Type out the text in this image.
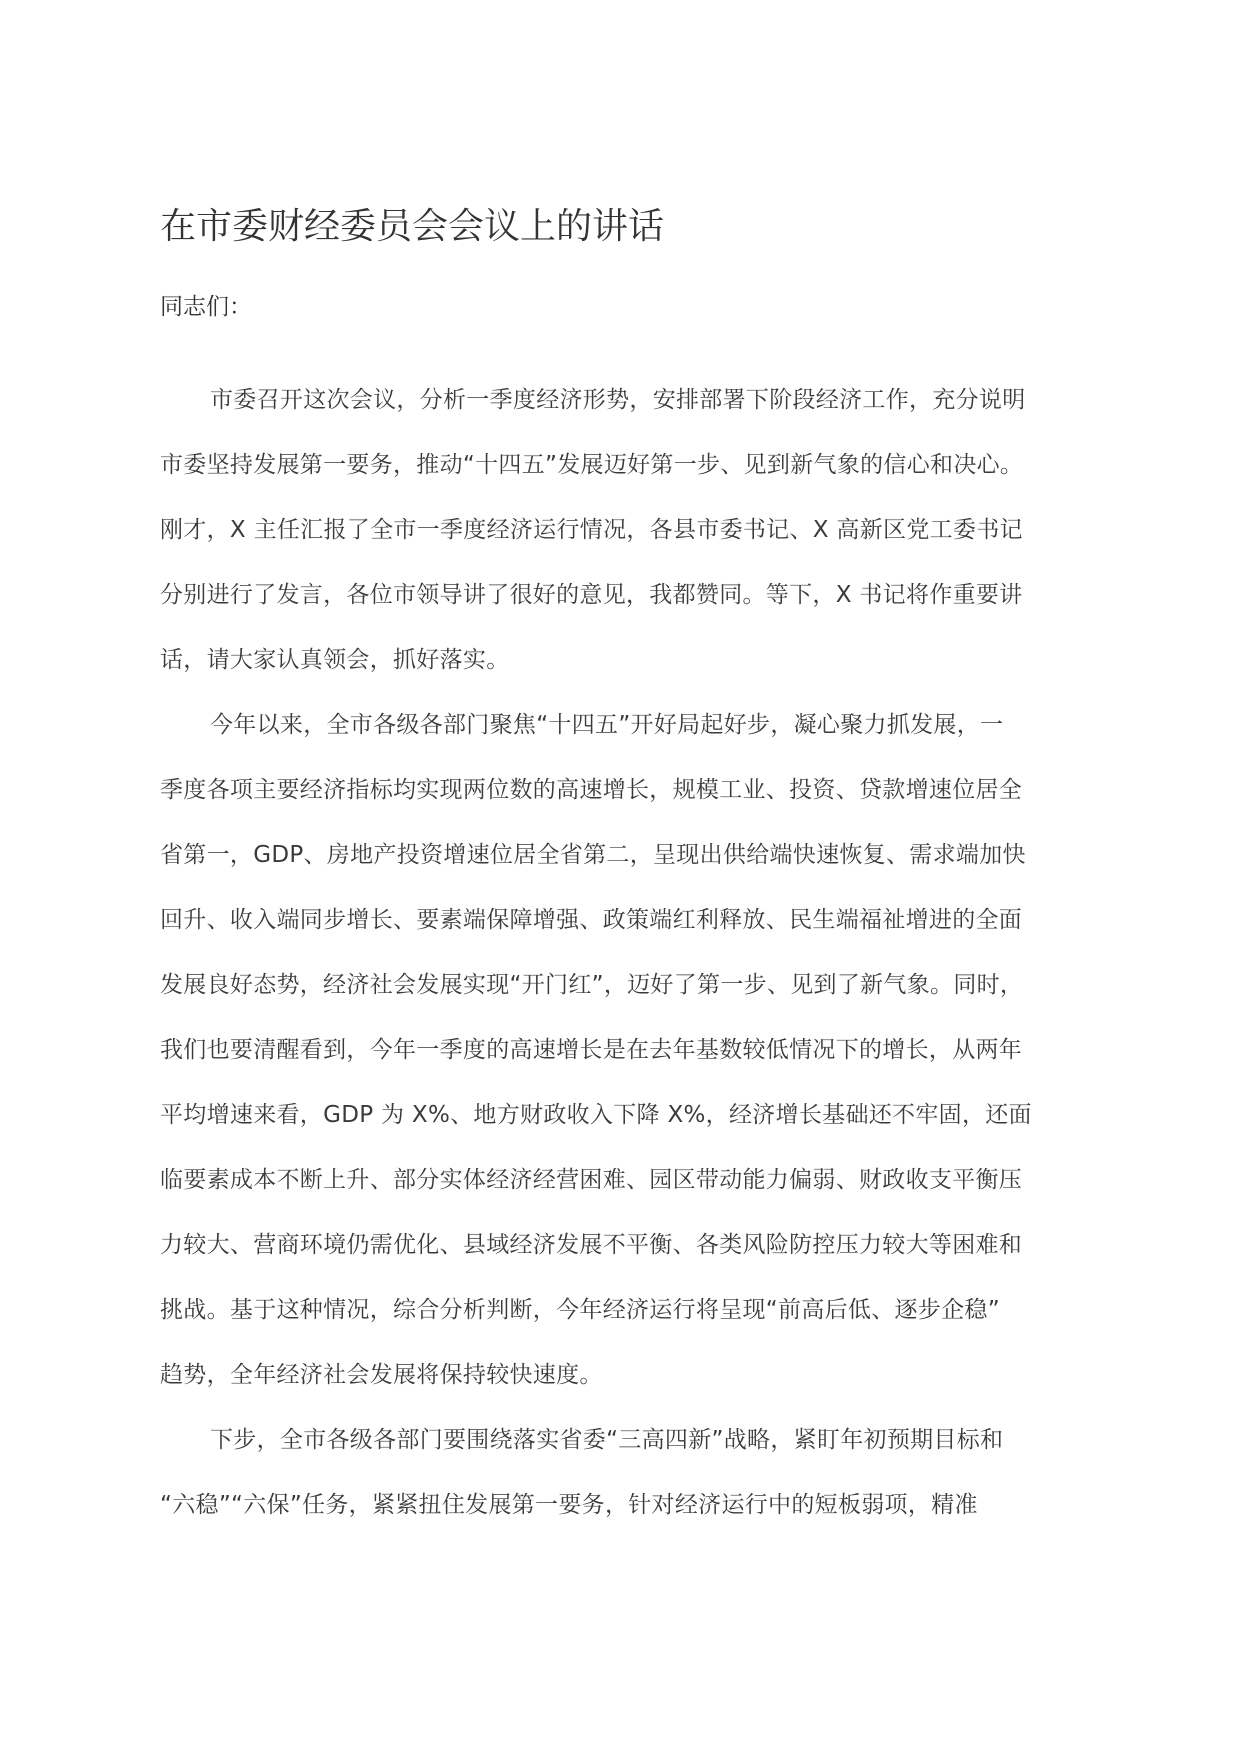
在市委财经委员会会议上的讲话

同志们：

市委召开这次会议，分析一季度经济形势，安排部署下阶段经济工作，充分说明
市委坚持发展第一要务，推动“十四五”发展迈好第一步、见到新气象的信心和决心。
刚才，X 主任汇报了全市一季度经济运行情况，各县市委书记、X 高新区党工委书记
分别进行了发言，各位市领导讲了很好的意见，我都赞同。等下，X 书记将作重要讲
话，请大家认真领会，抓好落实。

今年以来，全市各级各部门聚焦“十四五”开好局起好步，凝心聚力抓发展，一
季度各项主要经济指标均实现两位数的高速增长，规模工业、投资、贷款增速位居全
省第一，GDP、房地产投资增速位居全省第二，呈现出供给端快速恢复、需求端加快
回升、收入端同步增长、要素端保障增强、政策端红利释放、民生端福祉增进的全面
发展良好态势，经济社会发展实现“开门红”，迈好了第一步、见到了新气象。同时，
我们也要清醒看到，今年一季度的高速增长是在去年基数较低情况下的增长，从两年
平均增速来看，GDP 为 X%、地方财政收入下降 X%，经济增长基础还不牢固，还面
临要素成本不断上升、部分实体经济经营困难、园区带动能力偏弱、财政收支平衡压
力较大、营商环境仍需优化、县域经济发展不平衡、各类风险防控压力较大等困难和
挑战。基于这种情况，综合分析判断，今年经济运行将呈现“前高后低、逐步企稳”
趋势，全年经济社会发展将保持较快速度。

下步，全市各级各部门要围绕落实省委“三高四新”战略，紧盯年初预期目标和
“六稳”“六保”任务，紧紧扭住发展第一要务，针对经济运行中的短板弱项，精准
